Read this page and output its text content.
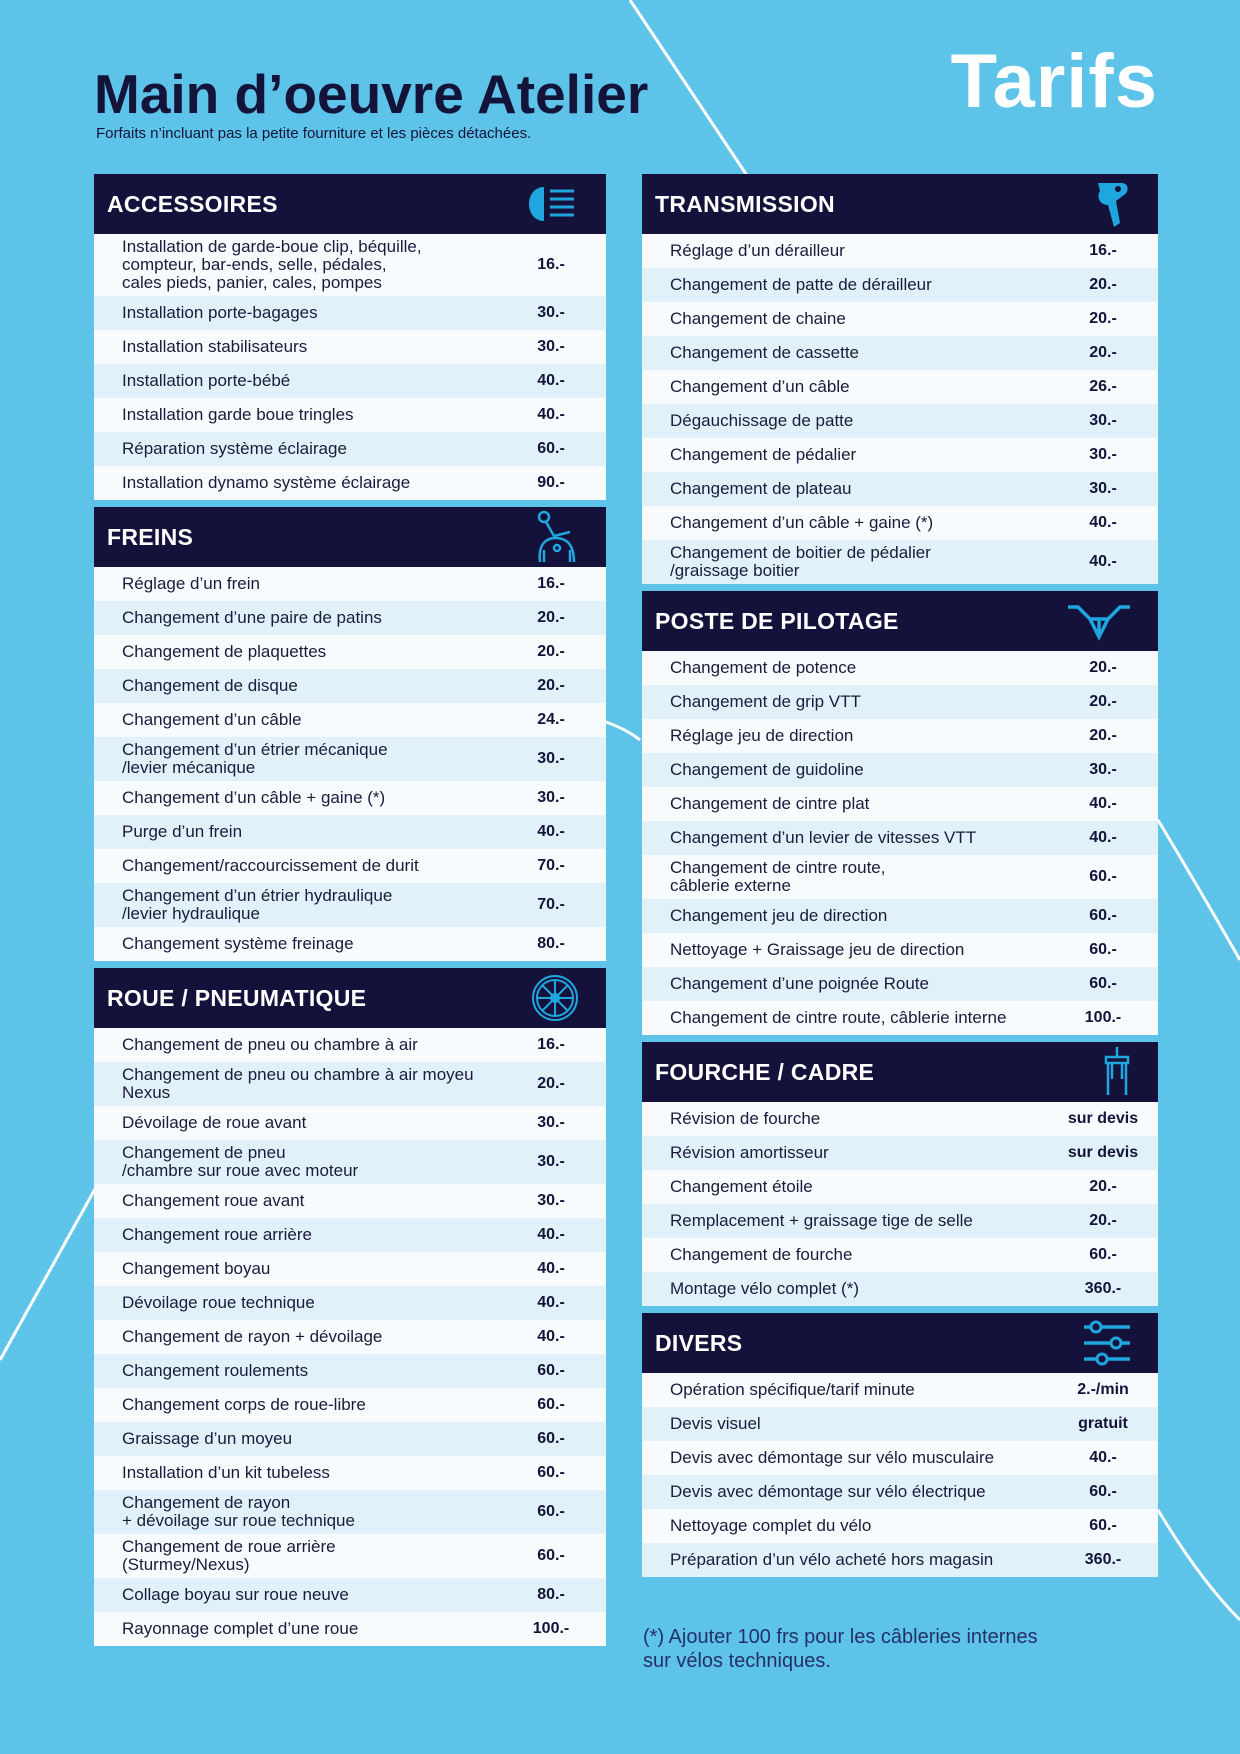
Tarifs
Main d’oeuvre Atelier
Forfaits n’incluant pas la petite fourniture et les pièces détachées.
ACCESSOIRES
Installation de garde-boue clip, béquille,
compteur, bar-ends, selle, pédales,
cales pieds, panier, cales, pompes
16.-
Installation porte-bagages	30.-
Installation stabilisateurs	30.-
Installation porte-bébé	40.-
Installation garde boue tringles	40.-
Réparation système éclairage	60.-
Installation dynamo système éclairage	90.-
FREINS
Réglage d’un frein	16.-
Changement d’une paire de patins	20.-
Changement de plaquettes	20.-
Changement de disque	20.-
Changement d’un câble	24.-
Changement d’un étrier mécanique
/levier mécanique	30.-
Changement d’un câble + gaine (*)	30.-
Purge d’un frein	40.-
Changement/raccourcissement de durit	70.-
Changement d’un étrier hydraulique
/levier hydraulique	70.-
Changement système freinage	80.-
ROUE / PNEUMATIQUE
Changement de pneu ou chambre à air	16.-
Changement de pneu ou chambre à air moyeu
Nexus	20.-
Dévoilage de roue avant	30.-
Changement de pneu
/chambre sur roue avec moteur	30.-
Changement roue avant	30.-
Changement roue arrière	40.-
Changement boyau	40.-
Dévoilage roue technique	40.-
Changement de rayon + dévoilage	40.-
Changement roulements	60.-
Changement corps de roue-libre	60.-
Graissage d’un moyeu	60.-
Installation d’un kit tubeless	60.-
Changement de rayon
+ dévoilage sur roue technique	60.-
Changement de roue arrière
(Sturmey/Nexus)	60.-
Collage boyau sur roue neuve	80.-
Rayonnage complet d’une roue	100.-
TRANSMISSION
Réglage d’un dérailleur	16.-
Changement de patte de dérailleur	20.-
Changement de chaine	20.-
Changement de cassette	20.-
Changement d’un câble	26.-
Dégauchissage de patte	30.-
Changement de pédalier	30.-
Changement de plateau	30.-
Changement d’un câble + gaine (*)	40.-
Changement de boitier de pédalier
/graissage boitier	40.-
POSTE DE PILOTAGE
Changement de potence	20.-
Changement de grip VTT	20.-
Réglage jeu de direction	20.-
Changement de guidoline	30.-
Changement de cintre plat	40.-
Changement d’un levier de vitesses VTT	40.-
Changement de cintre route,
câblerie externe	60.-
Changement jeu de direction	60.-
Nettoyage + Graissage jeu de direction	60.-
Changement d’une poignée Route	60.-
Changement de cintre route, câblerie interne	100.-
FOURCHE / CADRE
Révision de fourche	sur devis
Révision amortisseur	sur devis
Changement étoile	20.-
Remplacement + graissage tige de selle	20.-
Changement de fourche	60.-
Montage vélo complet (*)	360.-
DIVERS
Opération spécifique/tarif minute	2.-/min
Devis visuel	gratuit
Devis avec démontage sur vélo musculaire	40.-
Devis avec démontage sur vélo électrique	60.-
Nettoyage complet du vélo	60.-
Préparation d’un vélo acheté hors magasin	360.-
(*) Ajouter 100 frs pour les câbleries internes
sur vélos techniques.
